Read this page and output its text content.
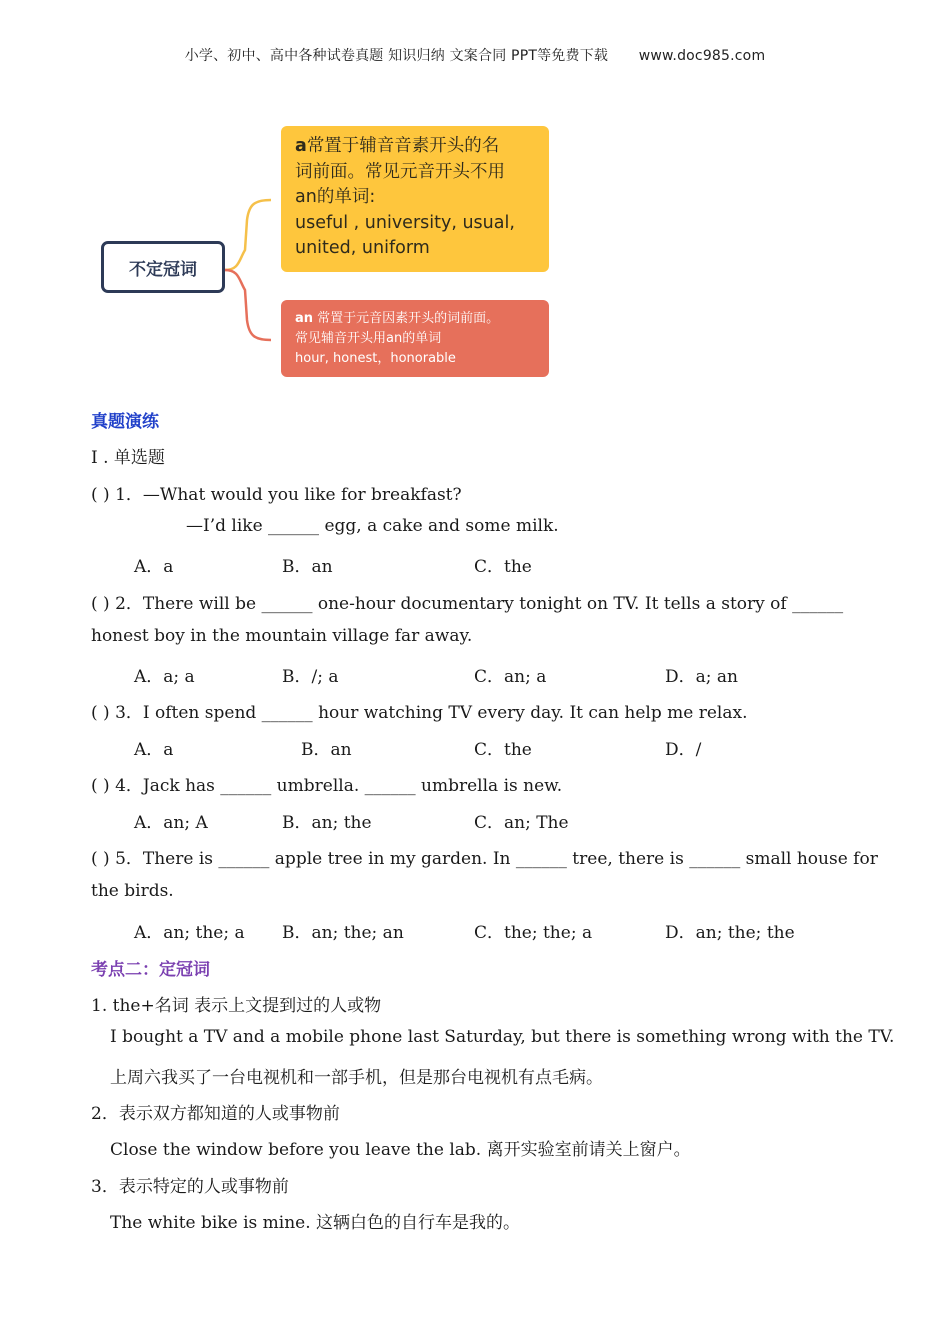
小学、初中、高中各种试卷真题 知识归纳 文案合同 PPT等免费下载 www.doc985.com
不定冠词
a常置于辅音音素开头的名
词前面。常见元音开头不用
an的单词:
useful , university, usual,
united, uniform
an 常置于元音因素开头的词前面。
常见辅音开头用an的单词
hour, honest，honorable
真题演练
I . 单选题
( ) 1．—What would you like for breakfast?
—I’d like ______ egg, a cake and some milk.
A．a	B．an	C．the
( ) 2．There will be ______ one-hour documentary tonight on TV. It tells a story of ______
honest boy in the mountain village far away.
A．a; a	B．/; a	C．an; a	D．a; an
( ) 3．I often spend ______ hour watching TV every day. It can help me relax.
A．a	B．an	C．the	D．/
( ) 4．Jack has ______ umbrella. ______ umbrella is new.
A．an; A	B．an; the	C．an; The
( ) 5．There is ______ apple tree in my garden. In ______ tree, there is ______ small house for
the birds.
A．an; the; a B．an; the; an	C．the; the; a	D．an; the; the
考点二：定冠词
1. the+名词 表示上文提到过的人或物
I bought a TV and a mobile phone last Saturday, but there is something wrong with the TV.
上周六我买了一台电视机和一部手机，但是那台电视机有点毛病。
2．表示双方都知道的人或事物前
Close the window before you leave the lab. 离开实验室前请关上窗户。
3．表示特定的人或事物前
The white bike is mine. 这辆白色的自行车是我的。
